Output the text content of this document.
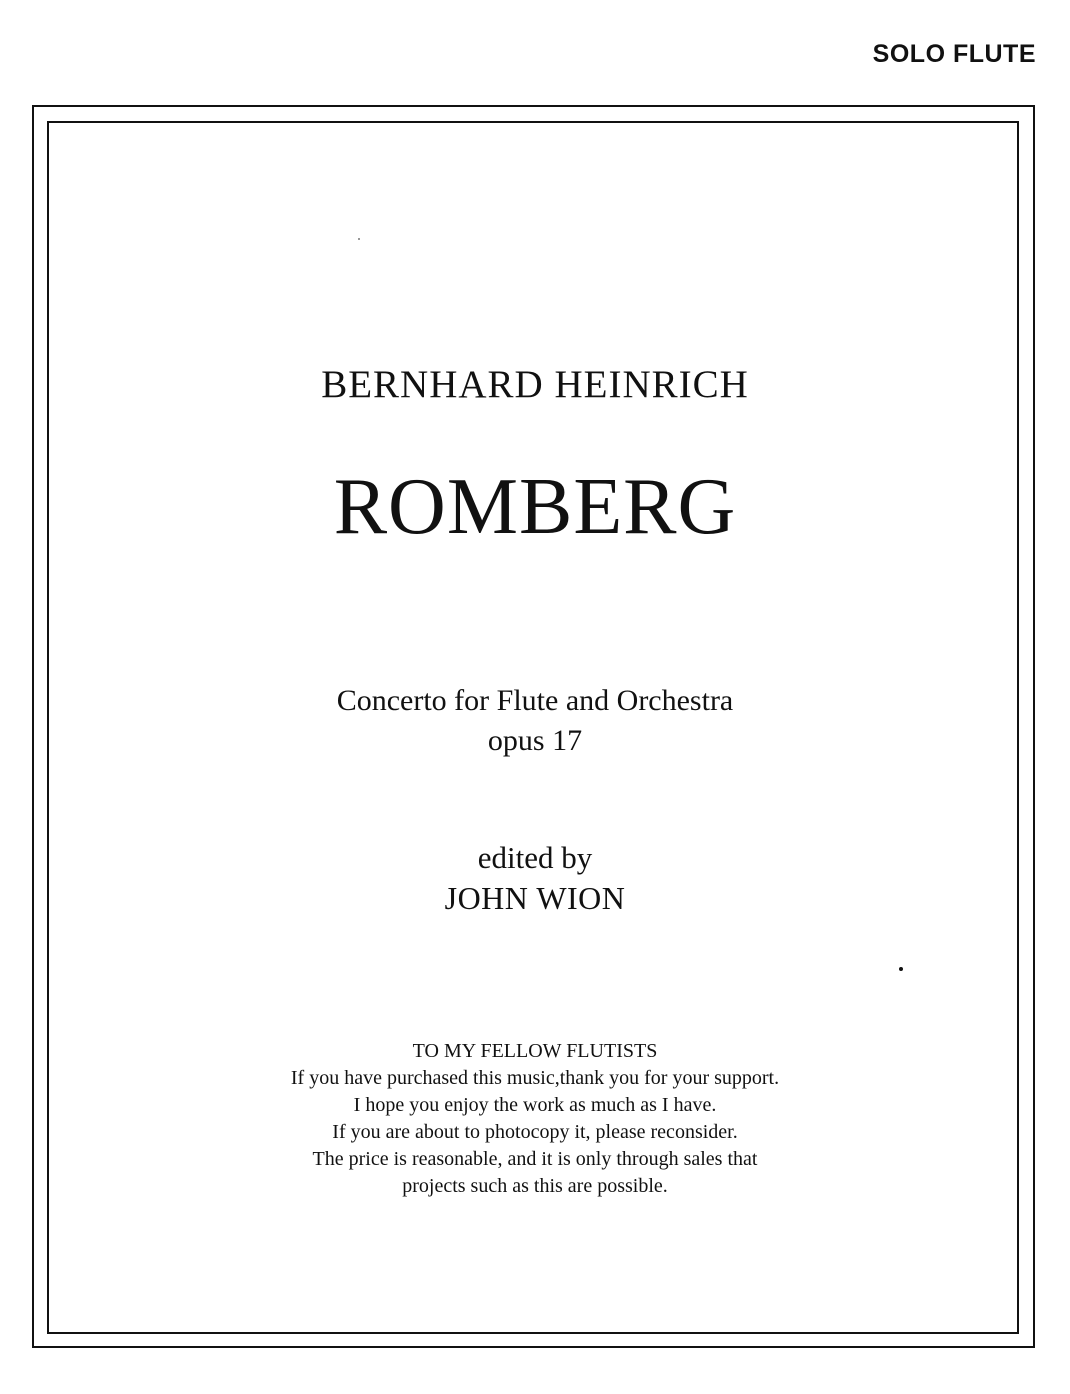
SOLO FLUTE
BERNHARD HEINRICH
ROMBERG
Concerto for Flute and Orchestra
opus 17
edited by
JOHN WION
TO MY FELLOW FLUTISTS
If you have purchased this music,thank you for your support.
I hope you enjoy the work as much as I have.
If you are about to photocopy it, please reconsider.
The price is reasonable, and it is only through sales that
projects such as this are possible.
